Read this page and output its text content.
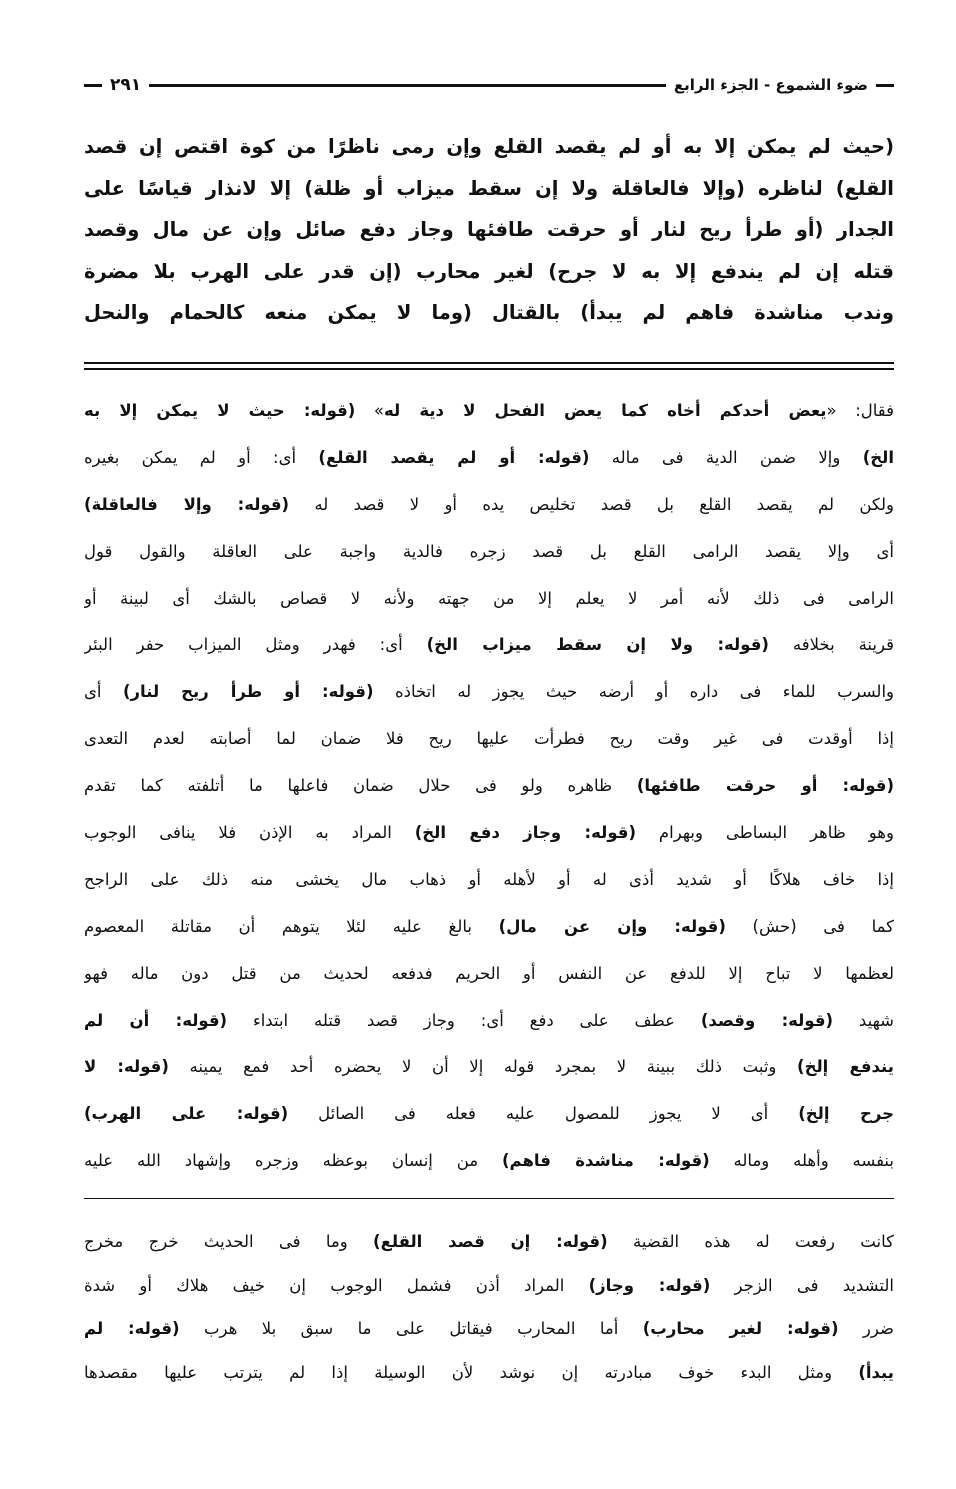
ضوء الشموع - الجزء الرابع
٢٩١
(حيث لم يمكن إلا به أو لم يقصد القلع وإن رمى ناظرًا من كوة اقتص إن قصد
القلع) لناظره (وإلا فالعاقلة ولا إن سقط ميزاب أو ظلة) إلا لانذار قياسًا على
الجدار (أو طرأ ريح لنار أو حرقت طافئها وجاز دفع صائل وإن عن مال وقصد
قتله إن لم يندفع إلا به لا جرح) لغير محارب (إن قدر على الهرب بلا مضرة
وندب مناشدة فاهم لم يبدأ) بالقتال (وما لا يمكن منعه كالحمام والنحل
فقال: «يعض أحدكم أخاه كما يعض الفحل لا دية له» (قوله: حيث لا يمكن إلا به
الخ) وإلا ضمن الدية فى ماله (قوله: أو لم يقصد القلع) أى: أو لم يمكن بغيره
ولكن لم يقصد القلع بل قصد تخليص يده أو لا قصد له (قوله: وإلا فالعاقلة)
أى وإلا يقصد الرامى القلع بل قصد زجره فالدية واجبة على العاقلة والقول قول
الرامى فى ذلك لأنه أمر لا يعلم إلا من جهته ولأنه لا قصاص بالشك أى لبينة أو
قرينة بخلافه (قوله: ولا إن سقط ميزاب الخ) أى: فهدر ومثل الميزاب حفر البئر
والسرب للماء فى داره أو أرضه حيث يجوز له اتخاذه (قوله: أو طرأ ريح لنار) أى
إذا أوقدت فى غير وقت ريح فطرأت عليها ريح فلا ضمان لما أصابته لعدم التعدى
(قوله: أو حرقت طافئها) ظاهره ولو فى حلال ضمان فاعلها ما أتلفته كما تقدم
وهو ظاهر البساطى وبهرام (قوله: وجاز دفع الخ) المراد به الإذن فلا ينافى الوجوب
إذا خاف هلاكًا أو شديد أذى له أو لأهله أو ذهاب مال يخشى منه ذلك على الراجح
كما فى (حش) (قوله: وإن عن مال) بالغ عليه لئلا يتوهم أن مقاتلة المعصوم
لعظمها لا تباح إلا للدفع عن النفس أو الحريم فدفعه لحديث من قتل دون ماله فهو
شهيد (قوله: وقصد) عطف على دفع أى: وجاز قصد قتله ابتداء (قوله: أن لم
يندفع إلخ) وثبت ذلك ببينة لا بمجرد قوله إلا أن لا يحضره أحد فمع يمينه (قوله: لا
جرح إلخ) أى لا يجوز للمصول عليه فعله فى الصائل (قوله: على الهرب)
بنفسه وأهله وماله (قوله: مناشدة فاهم) من إنسان بوعظه وزجره وإشهاد الله عليه
كانت رفعت له هذه القضية (قوله: إن قصد القلع) وما فى الحديث خرج مخرج
التشديد فى الزجر (قوله: وجاز) المراد أذن فشمل الوجوب إن خيف هلاك أو شدة
ضرر (قوله: لغير محارب) أما المحارب فيقاتل على ما سبق بلا هرب (قوله: لم
يبدأ) ومثل البدء خوف مبادرته إن نوشد لأن الوسيلة إذا لم يترتب عليها مقصدها
